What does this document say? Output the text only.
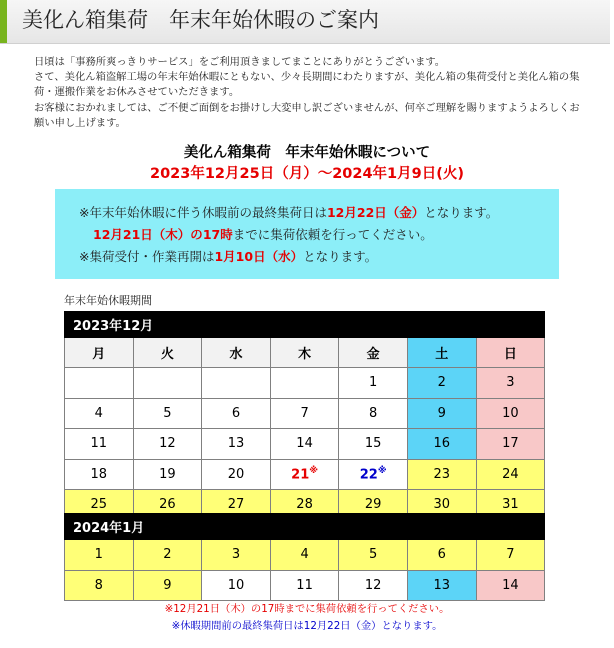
美化ん箱集荷　年末年始休暇のご案内

日頃は「事務所爽っきりサービス」をご利用頂きましてまことにありがとうございます。

さて、美化ん箱盗解工場の年末年始休暇にともない、少々長期間にわたりますが、美化ん箱の集荷受付と美化ん箱の集荷・運搬作業をお休みさせていただきます。

お客様におかれましては、ご不便ご面倒をお掛けし大変申し訳ございませんが、何卒ご理解を賜りますようよろしくお願い申し上げます。

美化ん箱集荷　年末年始休暇について
2023年12月25日（月）～2024年1月9日(火)
※年末年始休暇に伴う休暇前の最終集荷日は12月22日（金）となります。
12月21日（木）の17時までに集荷依頼を行ってください。
※集荷受付・作業再開は1月10日（水）となります。
年末年始休暇期間
2023年12月						
月	火	水	木	金	土	日
				1	2	3
4	5	6	7	8	9	10
11	12	13	14	15	16	17
18	19	20	21※	22※	23	24
25	26	27	28	29	30	31
2024年1月						
1	2	3	4	5	6	7
8	9	10	11	12	13	14
※12月21日（木）の17時までに集荷依頼を行ってください。
※休暇期間前の最終集荷日は12月22日（金）となります。
